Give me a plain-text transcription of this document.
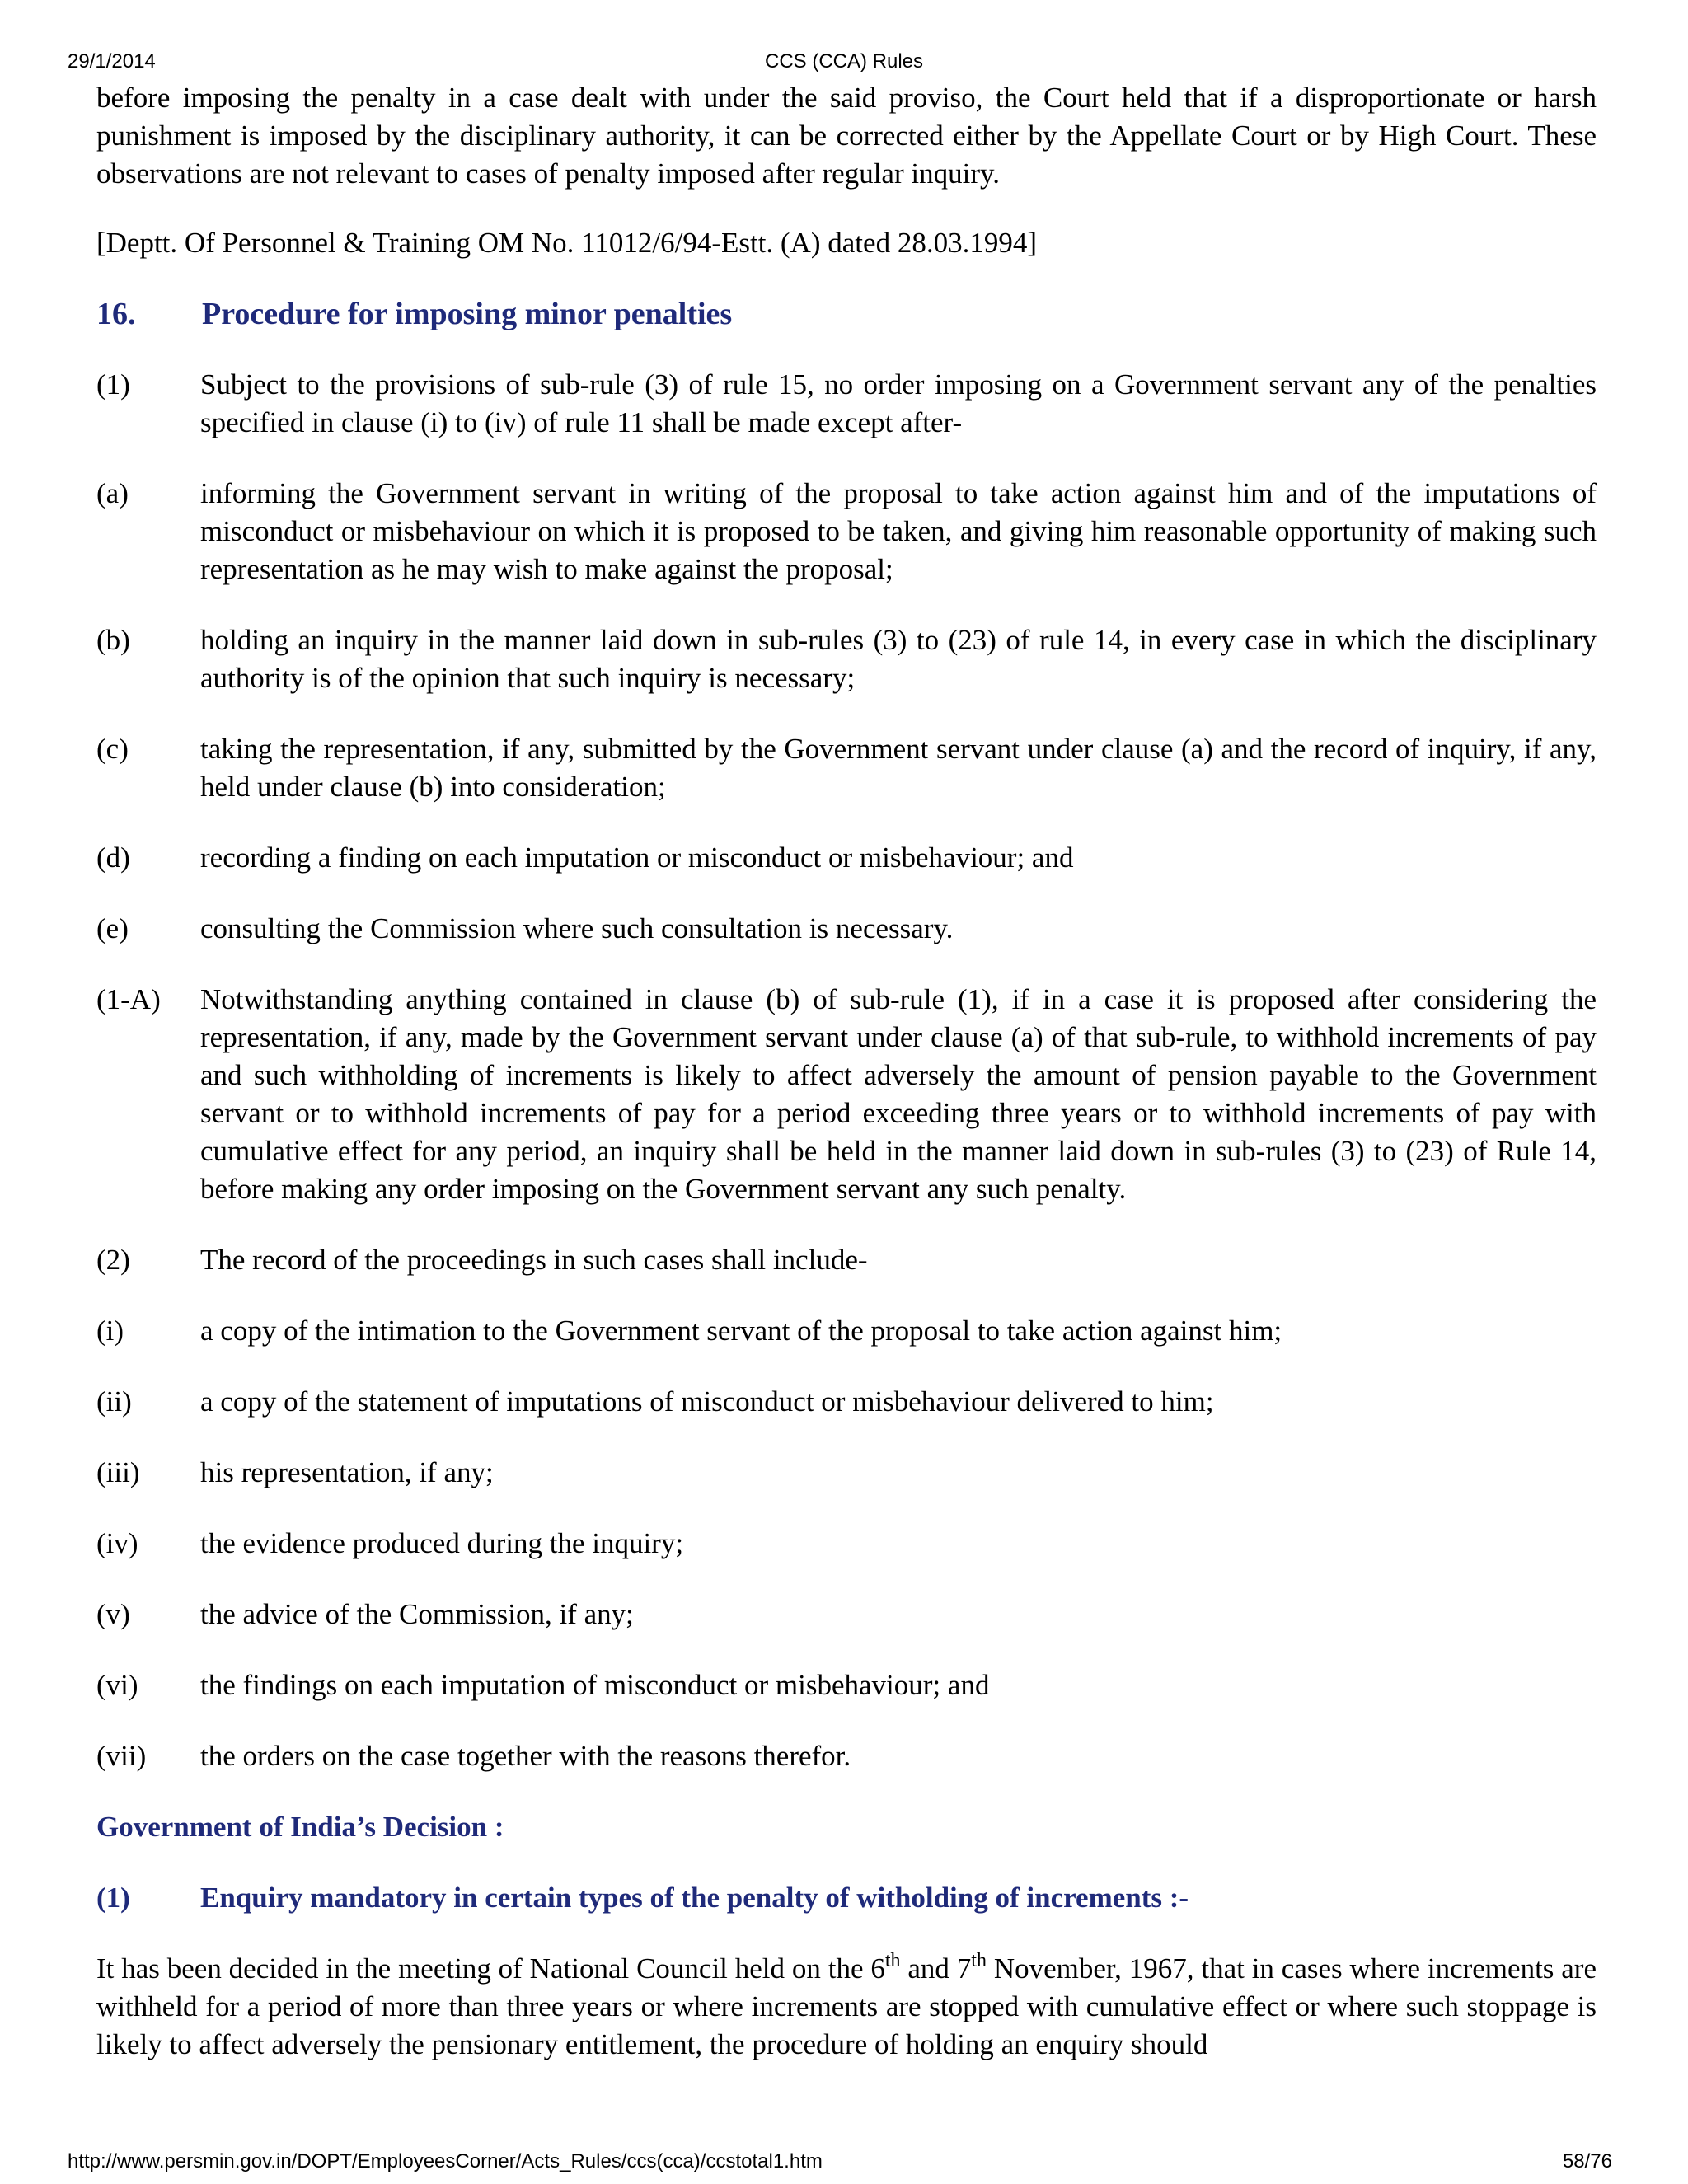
29/1/2014	CCS (CCA) Rules

before imposing the penalty in a case dealt with under the said proviso, the Court held that if a disproportionate or harsh punishment is imposed by the disciplinary authority, it can be corrected either by the Appellate Court or by High Court. These observations are not relevant to cases of penalty imposed after regular inquiry.

[Deptt. Of Personnel & Training OM No. 11012/6/94-Estt. (A) dated 28.03.1994]

16.	Procedure for imposing minor penalties
(1)	Subject to the provisions of sub-rule (3) of rule 15, no order imposing on a Government servant any of the penalties specified in clause (i) to (iv) of rule 11 shall be made except after-
(a)	informing the Government servant in writing of the proposal to take action against him and of the imputations of misconduct or misbehaviour on which it is proposed to be taken, and giving him reasonable opportunity of making such representation as he may wish to make against the proposal;
(b)	holding an inquiry in the manner laid down in sub-rules (3) to (23) of rule 14, in every case in which the disciplinary authority is of the opinion that such inquiry is necessary;
(c)	taking the representation, if any, submitted by the Government servant under clause (a) and the record of inquiry, if any, held under clause (b) into consideration;
(d)	recording a finding on each imputation or misconduct or misbehaviour; and
(e)	consulting the Commission where such consultation is necessary.
(1-A)	Notwithstanding anything contained in clause (b) of sub-rule (1), if in a case it is proposed after considering the representation, if any, made by the Government servant under clause (a) of that sub-rule, to withhold increments of pay and such withholding of increments is likely to affect adversely the amount of pension payable to the Government servant or to withhold increments of pay for a period exceeding three years or to withhold increments of pay with cumulative effect for any period, an inquiry shall be held in the manner laid down in sub-rules (3) to (23) of Rule 14, before making any order imposing on the Government servant any such penalty.
(2)	The record of the proceedings in such cases shall include-
(i)	a copy of the intimation to the Government servant of the proposal to take action against him;
(ii)	a copy of the statement of imputations of misconduct or misbehaviour delivered to him;
(iii)	his representation, if any;
(iv)	the evidence produced during the inquiry;
(v)	the advice of the Commission, if any;
(vi)	the findings on each imputation of misconduct or misbehaviour; and
(vii)	the orders on the case together with the reasons therefor.
Government of India’s Decision :
(1)	Enquiry mandatory in certain types of the penalty of witholding of increments :-

It has been decided in the meeting of National Council held on the 6th and 7th November, 1967, that in cases where increments are withheld for a period of more than three years or where increments are stopped with cumulative effect or where such stoppage is likely to affect adversely the pensionary entitlement, the procedure of holding an enquiry should

http://www.persmin.gov.in/DOPT/EmployeesCorner/Acts_Rules/ccs(cca)/ccstotal1.htm	58/76
